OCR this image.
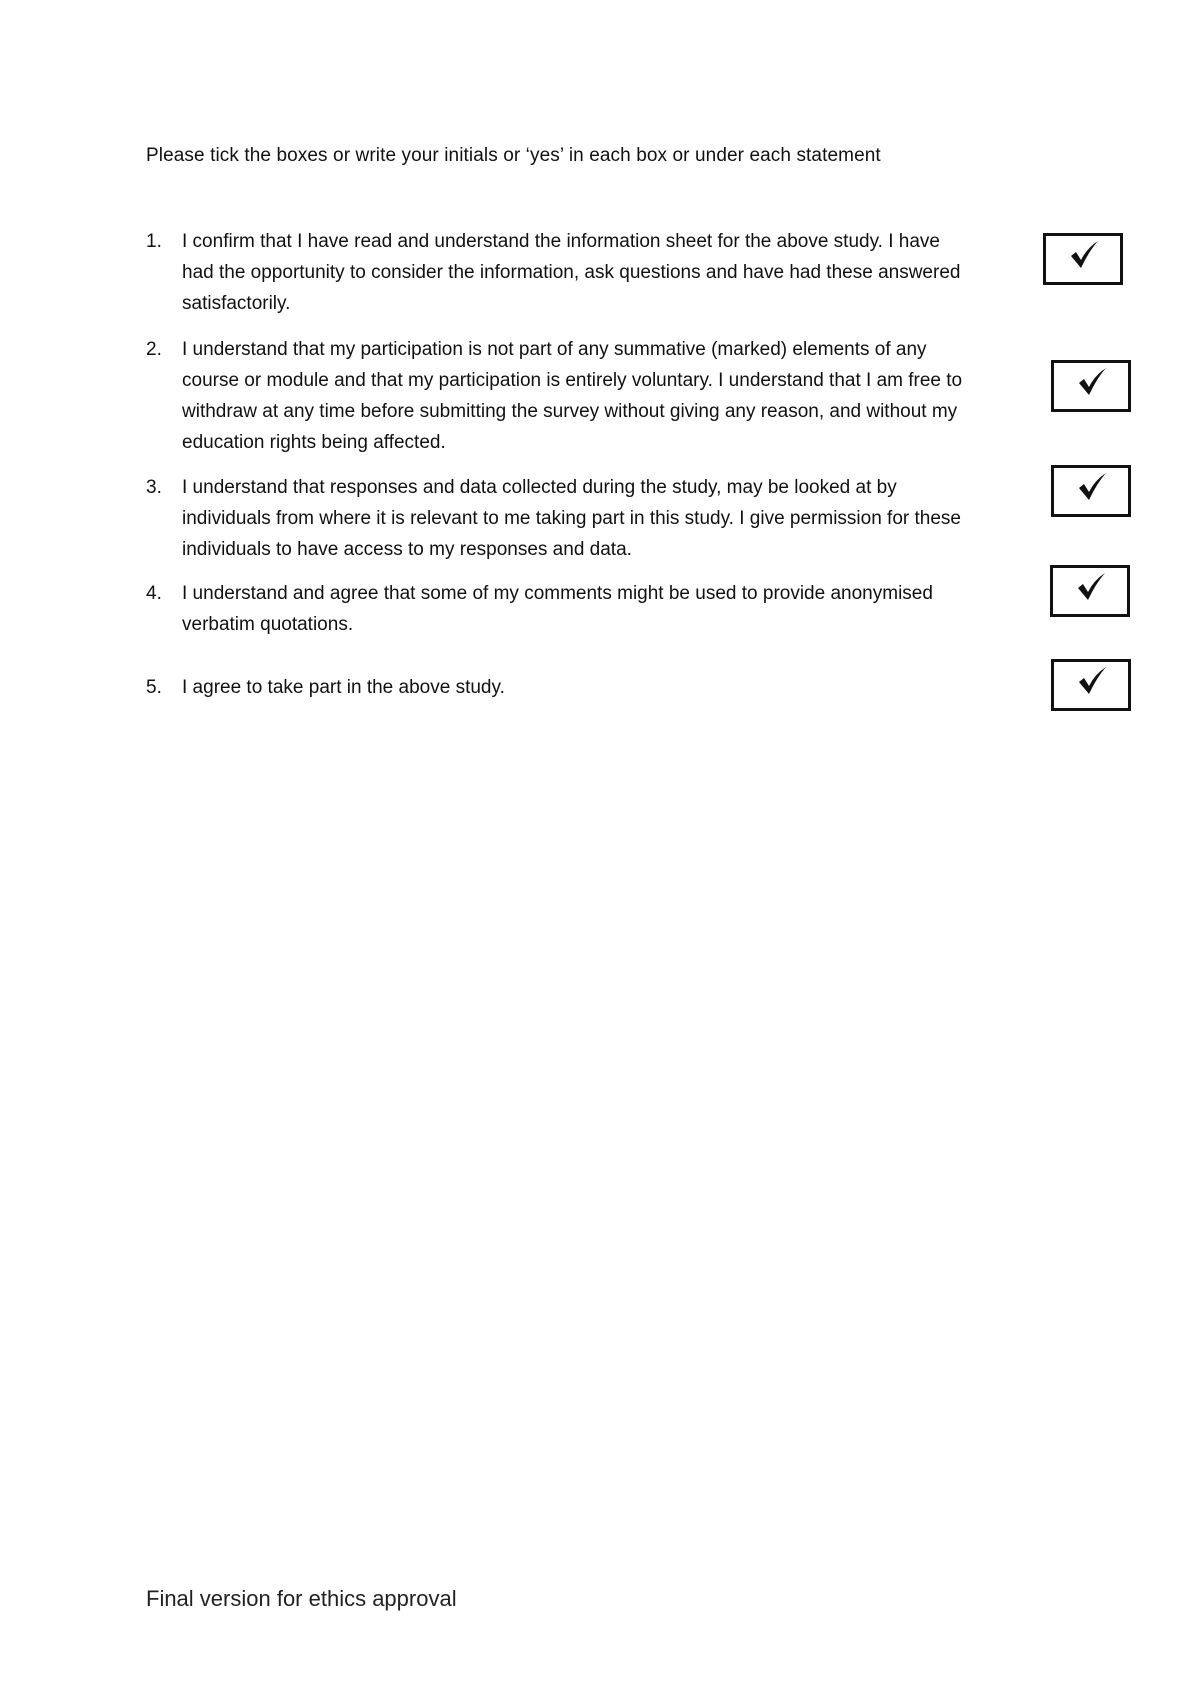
Please tick the boxes or write your initials or ‘yes’ in each box or under each statement
1.	I confirm that I have read and understand the information sheet for the above study. I have had the opportunity to consider the information, ask questions and have had these answered satisfactorily.
2.	I understand that my participation is not part of any summative (marked) elements of any course or module and that my participation is entirely voluntary. I understand that I am free to withdraw at any time before submitting the survey without giving any reason, and without my education rights being affected.
3.	I understand that responses and data collected during the study, may be looked at by individuals from where it is relevant to me taking part in this study. I give permission for these individuals to have access to my responses and data.
4.	I understand and agree that some of my comments might be used to provide anonymised verbatim quotations.
5.	I agree to take part in the above study.
Final version for ethics approval
